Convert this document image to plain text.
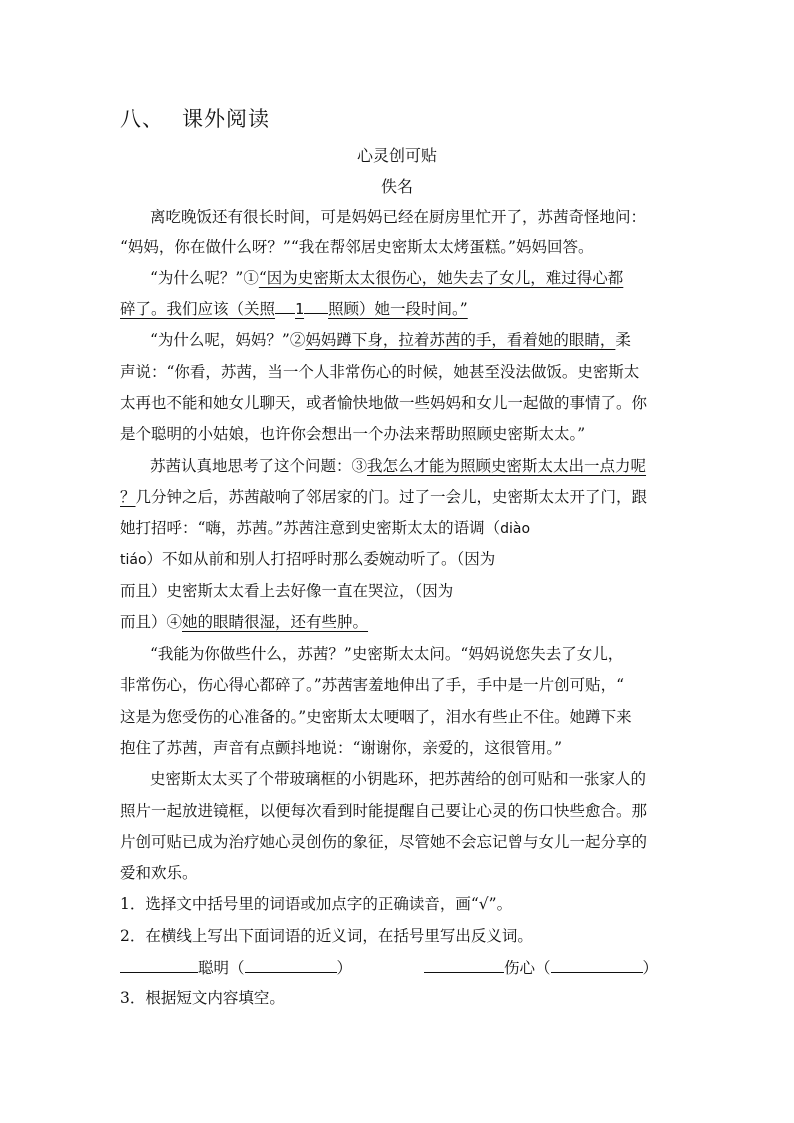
八、 课外阅读
心灵创可贴
佚名
离吃晚饭还有很长时间，可是妈妈已经在厨房里忙开了，苏茜奇怪地问：
“妈妈，你在做什么呀？”“我在帮邻居史密斯太太烤蛋糕。”妈妈回答。
“为什么呢？”①“因为史密斯太太很伤心，她失去了女儿，难过得心都
碎了。我们应该（关照 1 照顾）她一段时间。”
“为什么呢，妈妈？”②妈妈蹲下身，拉着苏茜的手，看着她的眼睛，柔
声说：“你看，苏茜，当一个人非常伤心的时候，她甚至没法做饭。史密斯太
太再也不能和她女儿聊天，或者愉快地做一些妈妈和女儿一起做的事情了。你
是个聪明的小姑娘，也许你会想出一个办法来帮助照顾史密斯太太。”
苏茜认真地思考了这个问题：③我怎么才能为照顾史密斯太太出一点力呢
？几分钟之后，苏茜敲响了邻居家的门。过了一会儿，史密斯太太开了门，跟
她打招呼：“嗨，苏茜。”苏茜注意到史密斯太太的语调（diào
tiáo）不如从前和别人打招呼时那么委婉动听了。（因为
而且）史密斯太太看上去好像一直在哭泣，（因为
而且）④她的眼睛很湿，还有些肿。
“我能为你做些什么，苏茜？”史密斯太太问。“妈妈说您失去了女儿，
非常伤心，伤心得心都碎了。”苏茜害羞地伸出了手，手中是一片创可贴，“
这是为您受伤的心准备的。”史密斯太太哽咽了，泪水有些止不住。她蹲下来
抱住了苏茜，声音有点颤抖地说：“谢谢你，亲爱的，这很管用。”
史密斯太太买了个带玻璃框的小钥匙环，把苏茜给的创可贴和一张家人的
照片一起放进镜框，以便每次看到时能提醒自己要让心灵的伤口快些愈合。那
片创可贴已成为治疗她心灵创伤的象征，尽管她不会忘记曾与女儿一起分享的
爱和欢乐。
1．选择文中括号里的词语或加点字的正确读音，画“√”。
2．在横线上写出下面词语的近义词，在括号里写出反义词。
聪明（	）	伤心（	）
3．根据短文内容填空。
